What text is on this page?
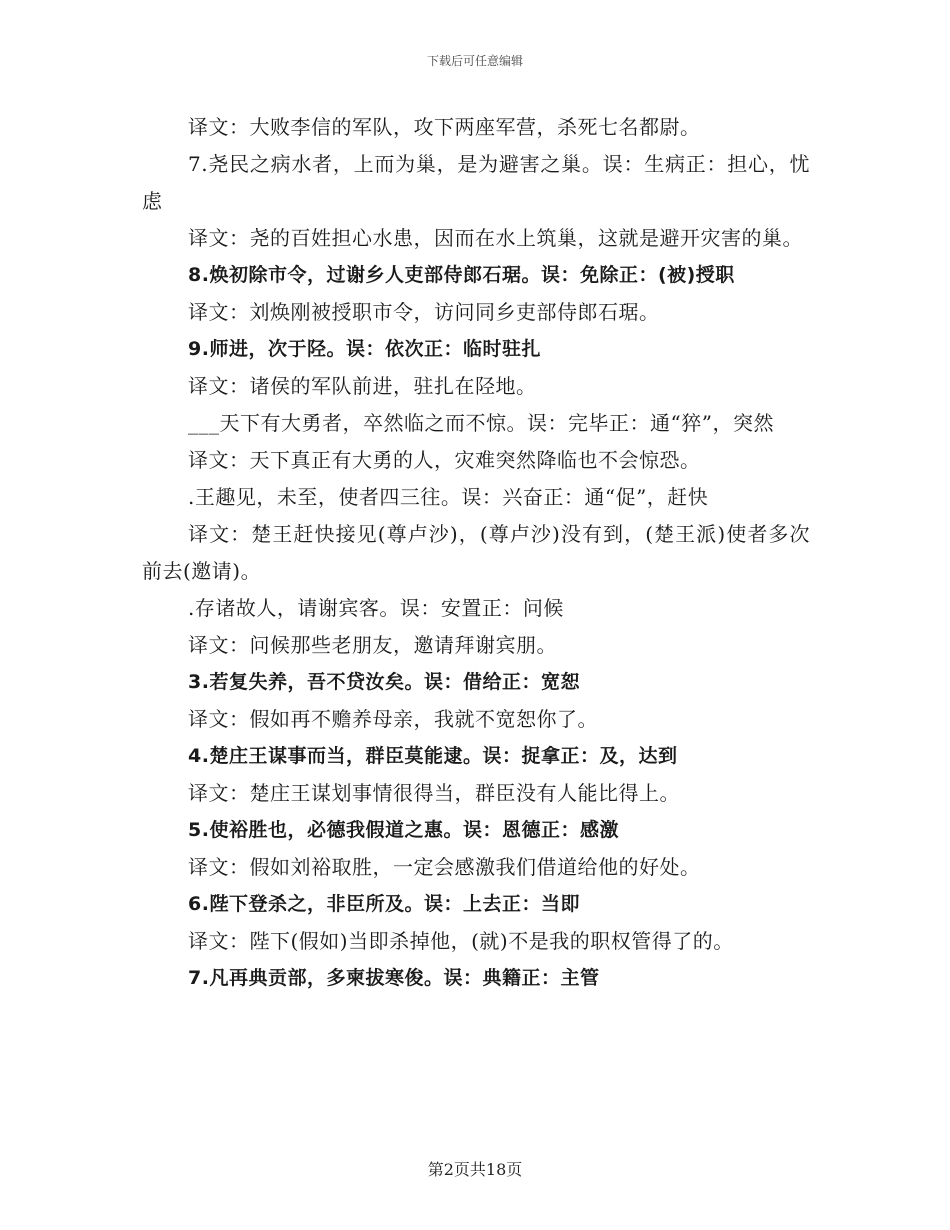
下载后可任意编辑

译文：大败李信的军队，攻下两座军营，杀死七名都尉。

7.尧民之病水者，上而为巢，是为避害之巢。误：生病正：担心，忧虑

译文：尧的百姓担心水患，因而在水上筑巢，这就是避开灾害的巢。

8.焕初除市令，过谢乡人吏部侍郎石琚。误：免除正：(被)授职

译文：刘焕刚被授职市令，访问同乡吏部侍郎石琚。

9.师进，次于陉。误：依次正：临时驻扎

译文：诸侯的军队前进，驻扎在陉地。

___天下有大勇者，卒然临之而不惊。误：完毕正：通“猝”，突然

译文：天下真正有大勇的人，灾难突然降临也不会惊恐。

.王趣见，未至，使者四三往。误：兴奋正：通“促”，赶快

译文：楚王赶快接见(尊卢沙)，(尊卢沙)没有到，(楚王派)使者多次前去(邀请)。

.存诸故人，请谢宾客。误：安置正：问候

译文：问候那些老朋友，邀请拜谢宾朋。

3.若复失养，吾不贷汝矣。误：借给正：宽恕

译文：假如再不赡养母亲，我就不宽恕你了。

4.楚庄王谋事而当，群臣莫能逮。误：捉拿正：及，达到

译文：楚庄王谋划事情很得当，群臣没有人能比得上。

5.使裕胜也，必德我假道之惠。误：恩德正：感激

译文：假如刘裕取胜，一定会感激我们借道给他的好处。

6.陛下登杀之，非臣所及。误：上去正：当即

译文：陛下(假如)当即杀掉他，(就)不是我的职权管得了的。

7.凡再典贡部，多柬拔寒俊。误：典籍正：主管

第2页共18页
